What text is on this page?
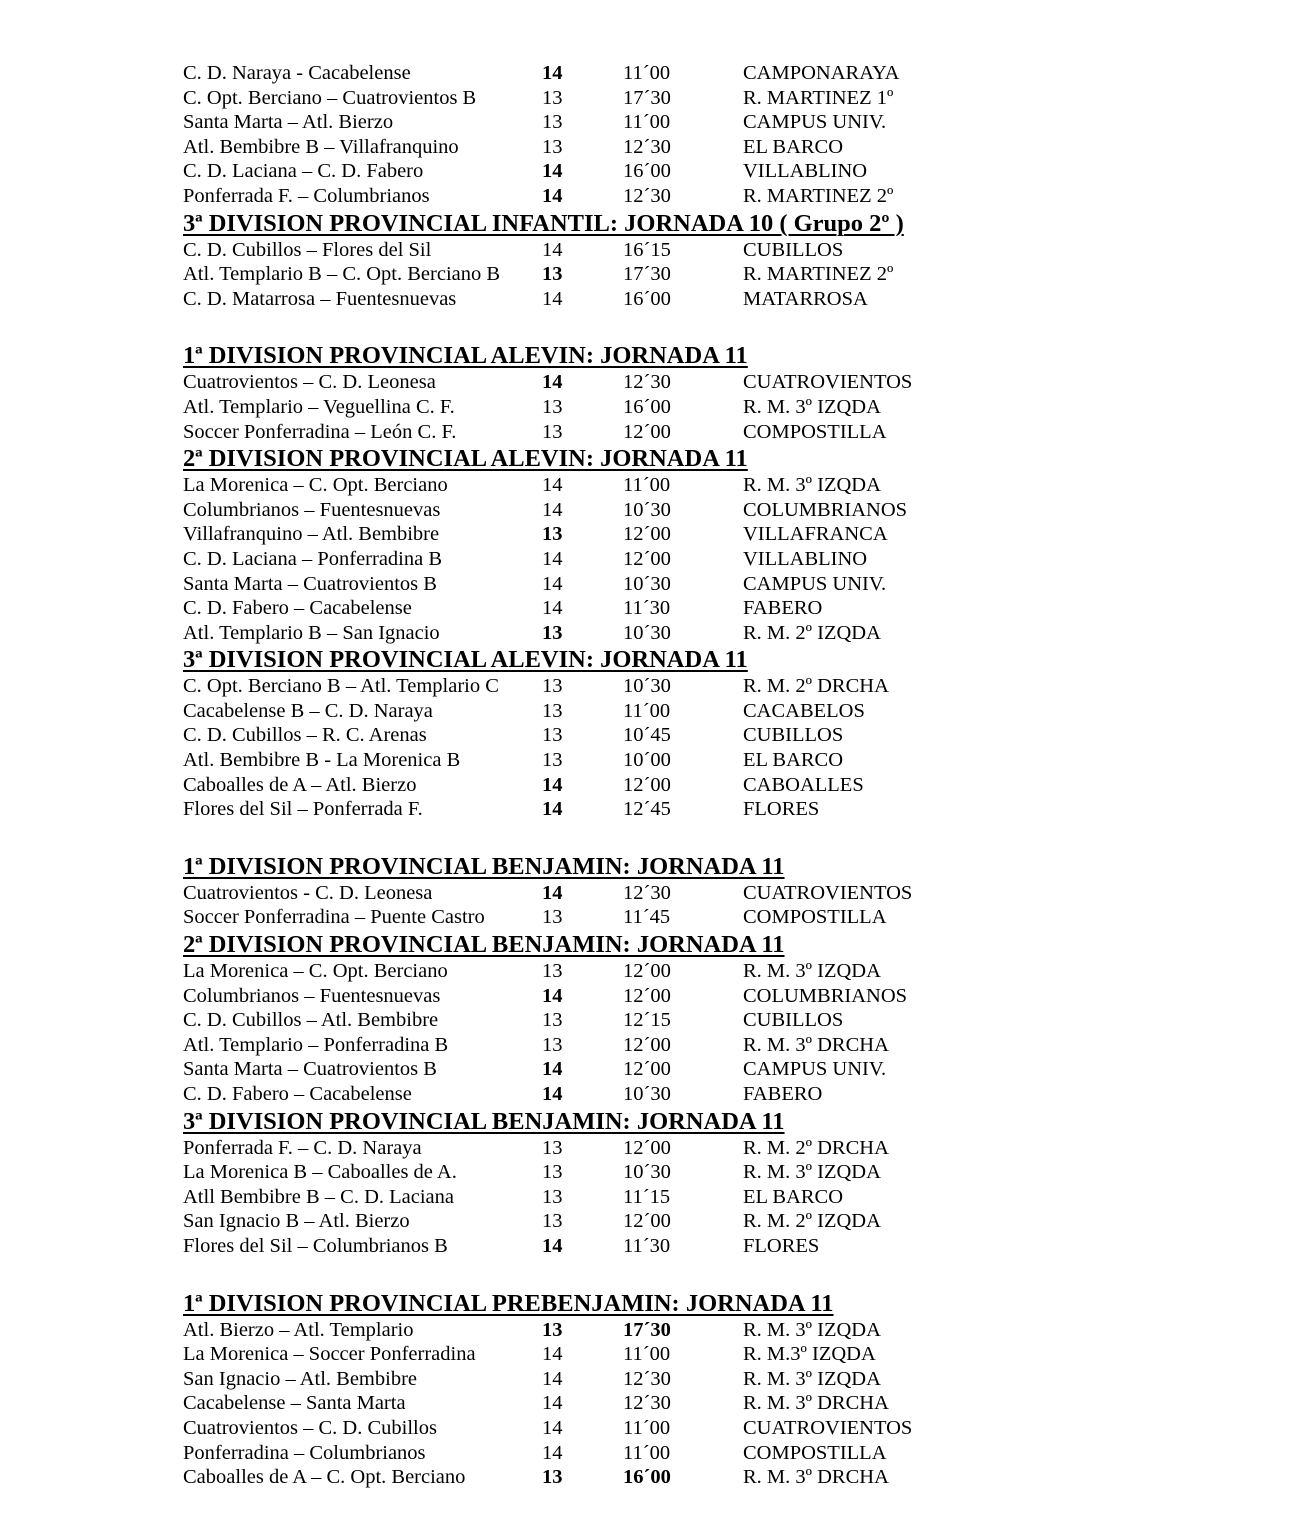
C. D. Naraya - Cacabelense	14	11´00	CAMPONARAYA
C. Opt. Berciano – Cuatrovientos B	13	17´30	R. MARTINEZ 1º
Santa Marta – Atl. Bierzo	13	11´00	CAMPUS UNIV.
Atl. Bembibre B – Villafranquino	13	12´30	EL BARCO
C. D. Laciana – C. D. Fabero	14	16´00	VILLABLINO
Ponferrada F. – Columbrianos	14	12´30	R. MARTINEZ 2º
3ª DIVISION PROVINCIAL INFANTIL: JORNADA 10 ( Grupo 2º )
C. D. Cubillos – Flores del Sil	14	16´15	CUBILLOS
Atl. Templario B – C. Opt. Berciano B	13	17´30	R. MARTINEZ 2º
C. D. Matarrosa – Fuentesnuevas	14	16´00	MATARROSA
1ª DIVISION PROVINCIAL ALEVIN: JORNADA 11
Cuatrovientos – C. D. Leonesa	14	12´30	CUATROVIENTOS
Atl. Templario – Veguellina C. F.	13	16´00	R. M. 3º IZQDA
Soccer Ponferradina – León C. F.	13	12´00	COMPOSTILLA
2ª DIVISION PROVINCIAL ALEVIN: JORNADA 11
La Morenica – C. Opt. Berciano	14	11´00	R. M. 3º IZQDA
Columbrianos – Fuentesnuevas	14	10´30	COLUMBRIANOS
Villafranquino – Atl. Bembibre	13	12´00	VILLAFRANCA
C. D. Laciana – Ponferradina B	14	12´00	VILLABLINO
Santa Marta – Cuatrovientos B	14	10´30	CAMPUS UNIV.
C. D. Fabero – Cacabelense	14	11´30	FABERO
Atl. Templario B – San Ignacio	13	10´30	R. M. 2º IZQDA
3ª DIVISION PROVINCIAL ALEVIN: JORNADA 11
C. Opt. Berciano B – Atl. Templario C	13	10´30	R. M. 2º DRCHA
Cacabelense B – C. D. Naraya	13	11´00	CACABELOS
C. D. Cubillos – R. C. Arenas	13	10´45	CUBILLOS
Atl. Bembibre B - La Morenica B	13	10´00	EL BARCO
Caboalles de A – Atl. Bierzo	14	12´00	CABOALLES
Flores del Sil – Ponferrada F.	14	12´45	FLORES
1ª DIVISION PROVINCIAL BENJAMIN: JORNADA 11
Cuatrovientos - C. D. Leonesa	14	12´30	CUATROVIENTOS
Soccer Ponferradina – Puente Castro	13	11´45	COMPOSTILLA
2ª DIVISION PROVINCIAL BENJAMIN: JORNADA 11
La Morenica – C. Opt. Berciano	13	12´00	R. M. 3º IZQDA
Columbrianos – Fuentesnuevas	14	12´00	COLUMBRIANOS
C. D. Cubillos – Atl. Bembibre	13	12´15	CUBILLOS
Atl. Templario – Ponferradina B	13	12´00	R. M. 3º DRCHA
Santa Marta – Cuatrovientos B	14	12´00	CAMPUS UNIV.
C. D. Fabero – Cacabelense	14	10´30	FABERO
3ª DIVISION PROVINCIAL BENJAMIN: JORNADA 11
Ponferrada F. – C. D. Naraya	13	12´00	R. M. 2º DRCHA
La Morenica B – Caboalles de A.	13	10´30	R. M. 3º IZQDA
Atll Bembibre B – C. D. Laciana	13	11´15	EL BARCO
San Ignacio B – Atl. Bierzo	13	12´00	R. M. 2º IZQDA
Flores del Sil – Columbrianos B	14	11´30	FLORES
1ª DIVISION PROVINCIAL PREBENJAMIN: JORNADA 11
Atl. Bierzo – Atl. Templario	13	17´30	R. M. 3º IZQDA
La Morenica – Soccer Ponferradina	14	11´00	R. M.3º IZQDA
San Ignacio – Atl. Bembibre	14	12´30	R. M. 3º IZQDA
Cacabelense – Santa Marta	14	12´30	R. M. 3º DRCHA
Cuatrovientos – C. D. Cubillos	14	11´00	CUATROVIENTOS
Ponferradina – Columbrianos	14	11´00	COMPOSTILLA
Caboalles de A – C. Opt. Berciano	13	16´00	R. M. 3º DRCHA
